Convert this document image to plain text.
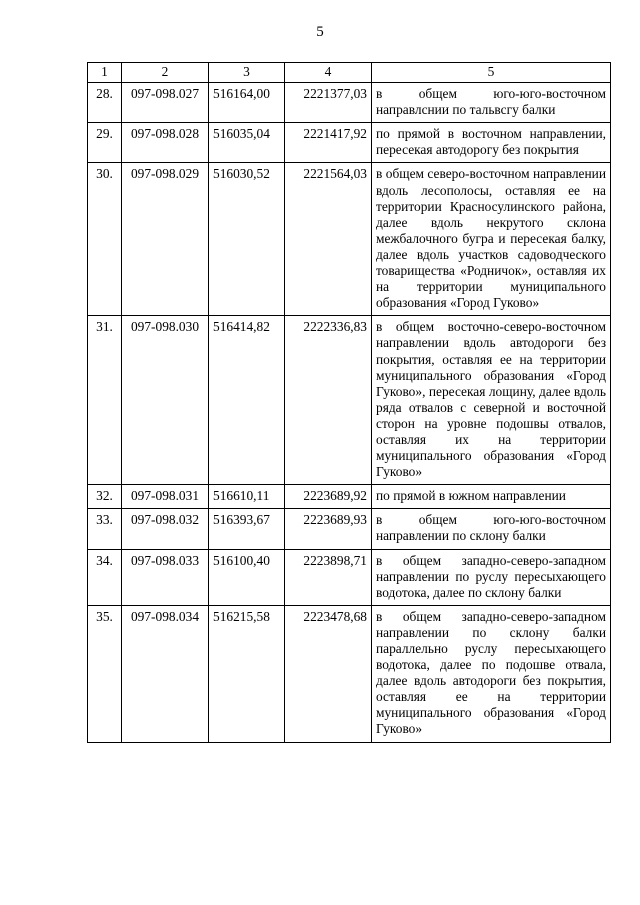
5
1	2	3	4	5
28.	097-098.027	516164,00	2221377,03	в общем юго-юго-восточном направлснии по тальвсгу балки
29.	097-098.028	516035,04	2221417,92	по прямой в восточном направлении, пересекая автодорогу без покрытия
30.	097-098.029	516030,52	2221564,03	в общем северо-восточном направлении вдоль лесополосы, оставляя ее на территории Красносулинского района, далее вдоль некрутого склона межбалочного бугра и пересекая балку, далее вдоль участков садоводческого товарищества «Родничок», оставляя их на территории муниципального образования «Город Гуково»
31.	097-098.030	516414,82	2222336,83	в общем восточно-северо-восточном направлении вдоль автодороги без покрытия, оставляя ее на территории муниципального образования «Город Гуково», пересекая лощину, далее вдоль ряда отвалов с северной и восточной сторон на уровне подошвы отвалов, оставляя их на территории муниципального образования «Город Гуково»
32.	097-098.031	516610,11	2223689,92	по прямой в южном направлении
33.	097-098.032	516393,67	2223689,93	в общем юго-юго-восточном направлении по склону балки
34.	097-098.033	516100,40	2223898,71	в общем западно-северо-западном направлении по руслу пересыхающего водотока, далее по склону балки
35.	097-098.034	516215,58	2223478,68	в общем западно-северо-западном направлении по склону балки параллельно руслу пересыхающего водотока, далее по подошве отвала, далее вдоль автодороги без покрытия, оставляя ее на территории муниципального образования «Город Гуково»
